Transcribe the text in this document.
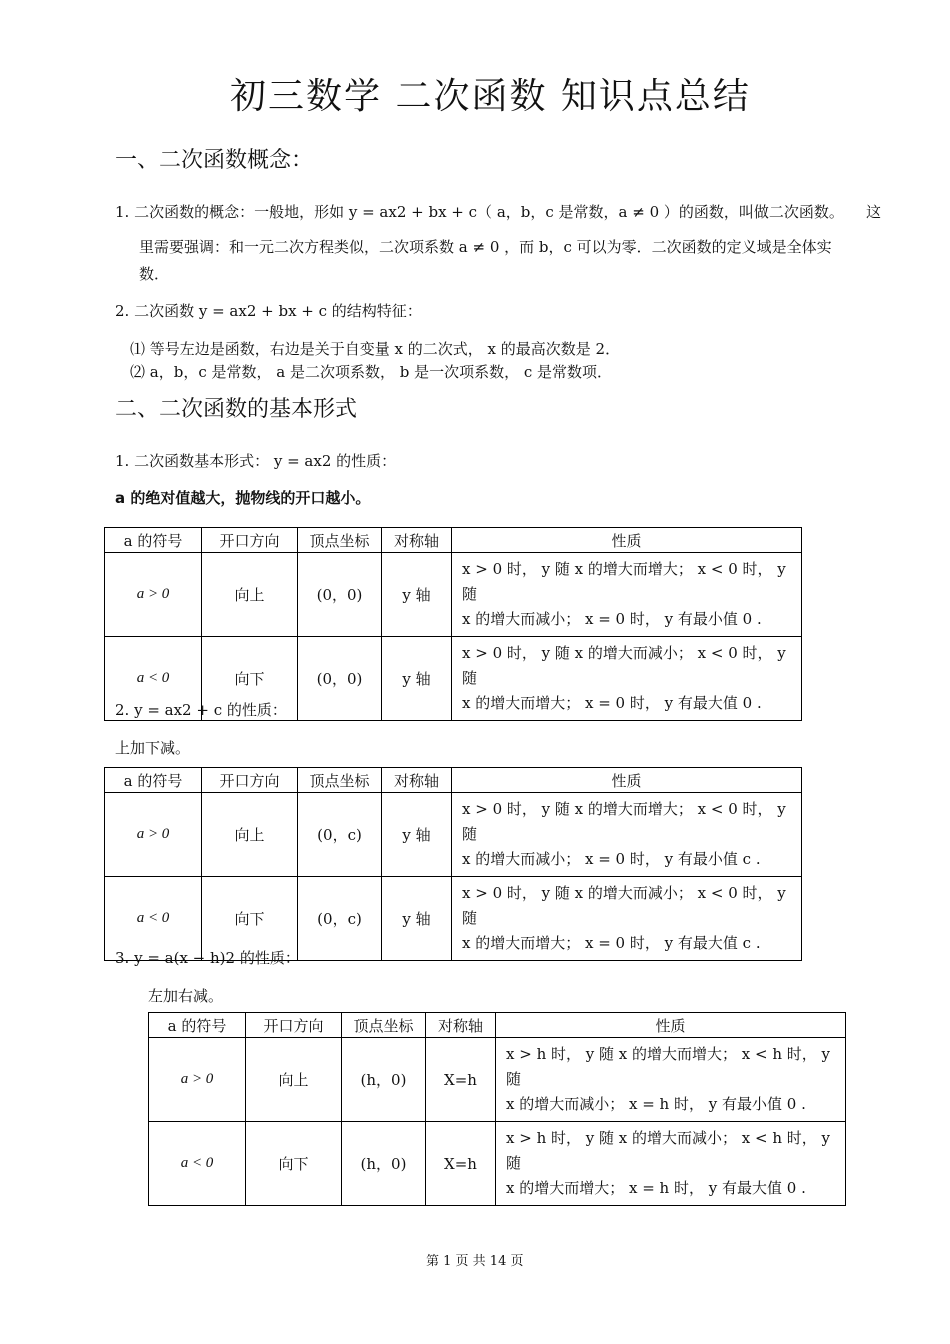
初三数学 二次函数 知识点总结
一、二次函数概念：
1. 二次函数的概念：一般地，形如 y = ax2 + bx + c（ a，b，c 是常数，a ≠ 0 ）的函数，叫做二次函数。 这
里需要强调：和一元二次方程类似，二次项系数 a ≠ 0 ，而 b，c 可以为零．二次函数的定义域是全体实
数．
2. 二次函数 y = ax2 + bx + c 的结构特征：
⑴ 等号左边是函数，右边是关于自变量 x 的二次式， x 的最高次数是 2．
⑵ a，b，c 是常数， a 是二次项系数， b 是一次项系数， c 是常数项．
二、二次函数的基本形式
1. 二次函数基本形式： y = ax2 的性质：
a 的绝对值越大，抛物线的开口越小。
a 的符号	开口方向	顶点坐标	对称轴	性质
a > 0	向上	(0，0)	y 轴	x > 0 时， y 随 x 的增大而增大； x < 0 时， y 随
x 的增大而减小； x = 0 时， y 有最小值 0 .

a < 0	向下	(0，0)	y 轴	x > 0 时， y 随 x 的增大而减小； x < 0 时， y 随
x 的增大而增大； x = 0 时， y 有最大值 0 .
2. y = ax2 + c 的性质：
上加下减。
a 的符号	开口方向	顶点坐标	对称轴	性质
a > 0	向上	(0，c)	y 轴	x > 0 时， y 随 x 的增大而增大； x < 0 时， y 随
x 的增大而减小； x = 0 时， y 有最小值 c .

a < 0	向下	(0，c)	y 轴	x > 0 时， y 随 x 的增大而减小； x < 0 时， y 随
x 的增大而增大； x = 0 时， y 有最大值 c .
3. y = a(x − h)2 的性质：
左加右减。
a 的符号	开口方向	顶点坐标	对称轴	性质
a > 0	向上	(h，0)	X=h	x > h 时， y 随 x 的增大而增大； x < h 时， y 随
x 的增大而减小； x = h 时， y 有最小值 0 .

a < 0	向下	(h，0)	X=h	x > h 时， y 随 x 的增大而减小； x < h 时， y 随
x 的增大而增大； x = h 时， y 有最大值 0 .
第 1 页 共 14 页
